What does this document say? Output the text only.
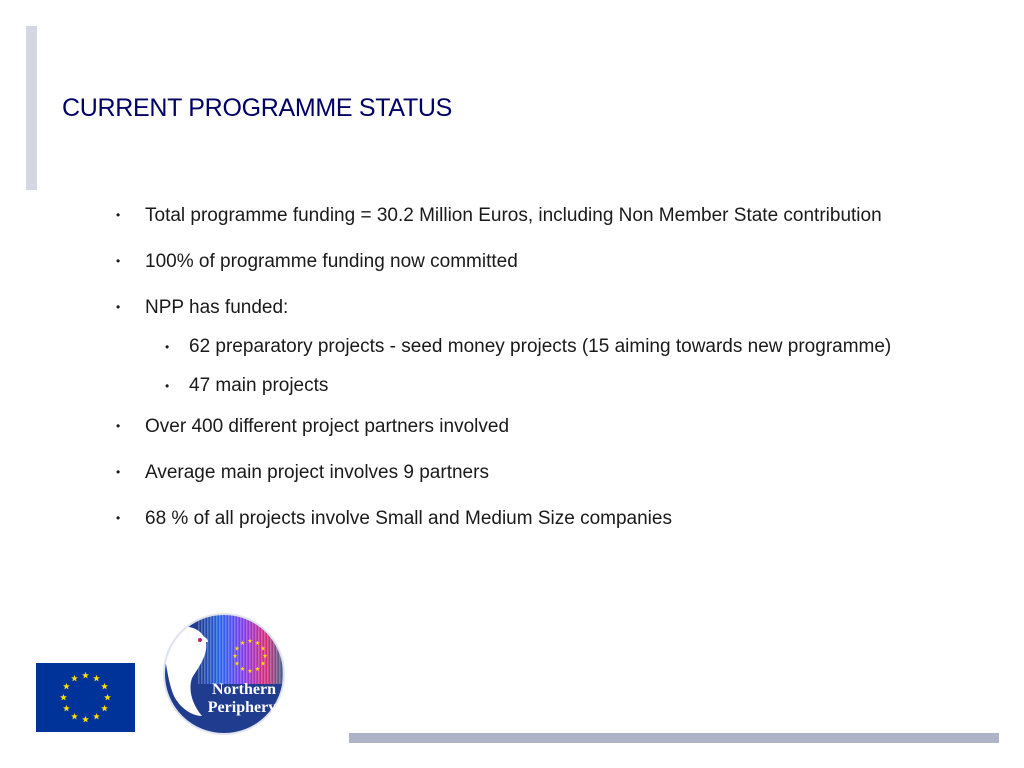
CURRENT PROGRAMME STATUS
• Total programme funding = 30.2 Million Euros, including Non Member State contribution
• 100% of programme funding now committed
• NPP has funded:
• 62 preparatory projects - seed money projects (15 aiming towards new programme)
• 47 main projects
• Over 400 different project partners involved
• Average main project involves 9 partners
• 68 % of all projects involve Small and Medium Size companies
Northern
Periphery
